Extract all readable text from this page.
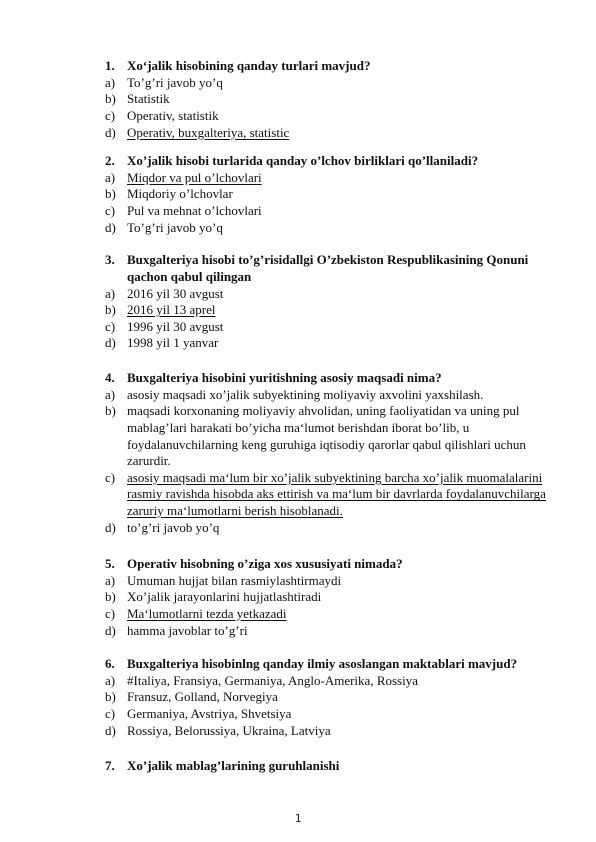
1. Xo‘jalik hisobining qanday turlari mavjud?
a) To’g’ri javob yo’q
b) Statistik
c) Operativ, statistik
d) Operativ, buxgalteriya, statistic
2. Xo’jalik hisobi turlarida qanday o’lchov birliklari qo’llaniladi?
a) Miqdor va pul o’lchovlari
b) Miqdoriy o’lchovlar
c) Pul va mehnat o’lchovlari
d) To’g’ri javob yo’q
3. Buxgalteriya hisobi to’g’risidallgi O’zbekiston Respublikasining Qonuni qachon qabul qilingan
a) 2016 yil 30 avgust
b) 2016 yil 13 aprel
c) 1996 yil 30 avgust
d) 1998 yil 1 yanvar
4. Buxgalteriya hisobini yuritishning asosiy maqsadi nima?
a) asosiy maqsadi xo’jalik subyektining moliyaviy axvolini yaxshilash.
b) maqsadi korxonaning moliyaviy ahvolidan, uning faoliyatidan va uning pul mablag’lari harakati bo’yicha ma‘lumot berishdan iborat bo’lib, u foydalanuvchilarning keng guruhiga iqtisodiy qarorlar qabul qilishlari uchun zarurdir.
c) asosiy maqsadi ma‘lum bir xo’jalik subyektining barcha xo’jalik muomalalarini rasmiy ravishda hisobda aks ettirish va ma‘lum bir davrlarda foydalanuvchilarga zaruriy ma‘lumotlarni berish hisoblanadi.
d) to’g’ri javob yo’q
5. Operativ hisobning o’ziga xos xususiyati nimada?
a) Umuman hujjat bilan rasmiylashtirmaydi
b) Xo’jalik jarayonlarini hujjatlashtiradi
c) Ma‘lumotlarni tezda yetkazadi
d) hamma javoblar to’g’ri
6. Buxgalteriya hisobinlng qanday ilmiy asoslangan maktablari mavjud?
a) #Italiya, Fransiya, Germaniya, Anglo-Amerika, Rossiya
b) Fransuz, Golland, Norvegiya
c) Germaniya, Avstriya, Shvetsiya
d) Rossiya, Belorussiya, Ukraina, Latviya
7. Xo’jalik mablag’larining guruhlanishi
1
